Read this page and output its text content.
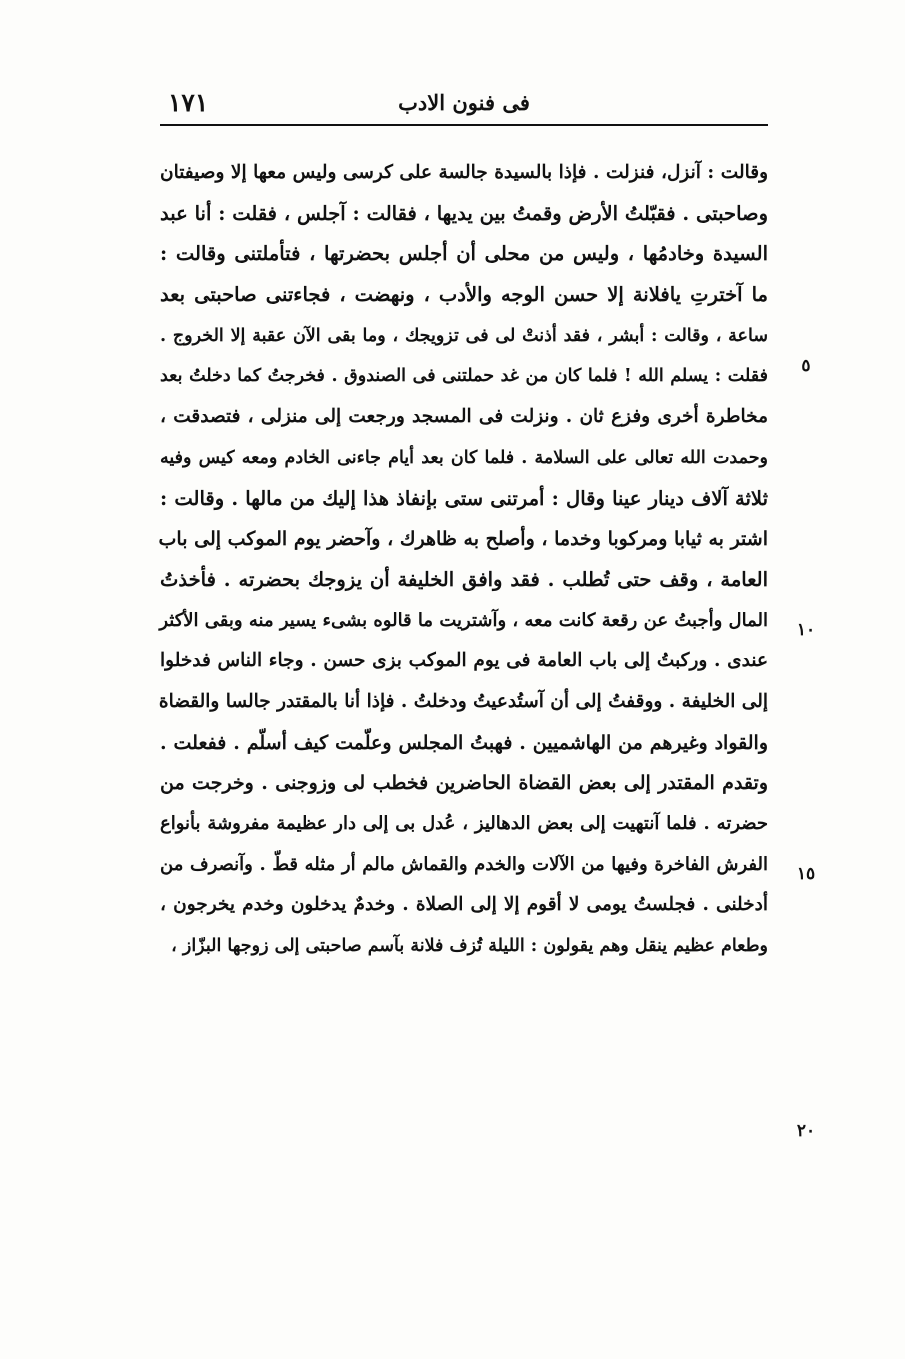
١٧١	فى فنون الادب
وقالت : آنزل، فنزلت . فإذا بالسيدة جالسة على كرسى وليس معها إلا وصيفتان
وصاحبتى . فقبّلتُ الأرض وقمتُ بين يديها ، فقالت : آجلس ، فقلت : أنا عبد
السيدة وخادمُها ، وليس من محلى أن أجلس بحضرتها ، فتأملتنى وقالت :
ما آخترتِ يافلانة إلا حسن الوجه والأدب ، ونهضت ، فجاءتنى صاحبتى بعد
ساعة ، وقالت : أبشر ، فقد أذنتْ لى فى تزويجك ، وما بقى الآن عقبة إلا الخروج .
فقلت : يسلم الله ! فلما كان من غد حملتنى فى الصندوق . فخرجتُ كما دخلتُ بعد
مخاطرة أخرى وفزع ثان . ونزلت فى المسجد ورجعت إلى منزلى ، فتصدقت ،
وحمدت الله تعالى على السلامة . فلما كان بعد أيام جاءنى الخادم ومعه كيس وفيه
ثلاثة آلاف دينار عينا وقال : أمرتنى ستى بإنفاذ هذا إليك من مالها . وقالت :
اشتر به ثيابا ومركوبا وخدما ، وأصلح به ظاهرك ، وآحضر يوم الموكب إلى باب
العامة ، وقف حتى تُطلب . فقد وافق الخليفة أن يزوجك بحضرته . فأخذتُ
المال وأجبتُ عن رقعة كانت معه ، وآشتريت ما قالوه بشىء يسير منه وبقى الأكثر
عندى . وركبتُ إلى باب العامة فى يوم الموكب بزى حسن . وجاء الناس فدخلوا
إلى الخليفة . ووقفتُ إلى أن آستُدعيتُ ودخلتُ . فإذا أنا بالمقتدر جالسا والقضاة
والقواد وغيرهم من الهاشميين . فهبتُ المجلس وعلّمت كيف أسلّم . ففعلت .
وتقدم المقتدر إلى بعض القضاة الحاضرين فخطب لى وزوجنى . وخرجت من
حضرته . فلما آنتهيت إلى بعض الدهاليز ، عُدل بى إلى دار عظيمة مفروشة بأنواع
الفرش الفاخرة وفيها من الآلات والخدم والقماش مالم أر مثله قطّ . وآنصرف من
أدخلنى . فجلستُ يومى لا أقوم إلا إلى الصلاة . وخدمٌ يدخلون وخدم يخرجون ،
وطعام عظيم ينقل وهم يقولون : الليلة تُزف فلانة بآسم صاحبتى إلى زوجها البزّاز ،
٥
١٠
١٥
٢٠
